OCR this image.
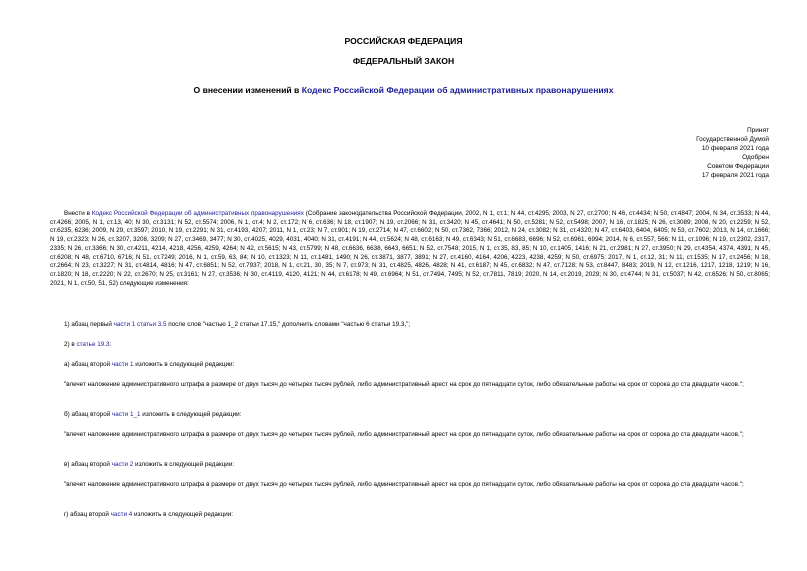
РОССИЙСКАЯ ФЕДЕРАЦИЯ
ФЕДЕРАЛЬНЫЙ ЗАКОН
О внесении изменений в Кодекс Российской Федерации об административных правонарушениях
Принят
Государственной Думой
10 февраля 2021 года
Одобрен
Советом Федерации
17 февраля 2021 года
Внести в Кодекс Российской Федерации об административных правонарушениях (Собрание законодательства Российской Федерации, 2002, N 1, ст.1; N 44, ст.4295; 2003, N 27, ст.2700; N 46, ст.4434; N 50, ст.4847; 2004, N 34, ст.3533; N 44, ст.4266; 2005, N 1, ст.13, 40; N 30, ст.3131; N 52, ст.5574; 2006, N 1, ст.4; N 2, ст.172; N 6, ст.636; N 18, ст.1907; N 19, ст.2066; N 31, ст.3420; N 45, ст.4641; N 50, ст.5281; N 52, ст.5498; 2007, N 16, ст.1825; N 26, ст.3089; 2008, N 20, ст.2259; N 52, ст.6235, 6236; 2009, N 29, ст.3597; 2010, N 19, ст.2291; N 31, ст.4193, 4207; 2011, N 1, ст.23; N 7, ст.901; N 19, ст.2714; N 47, ст.6602; N 50, ст.7362, 7366; 2012, N 24, ст.3082; N 31, ст.4320; N 47, ст.6403, 6404, 6405; N 53, ст.7602; 2013, N 14, ст.1666; N 19, ст.2323; N 26, ст.3207, 3208, 3209; N 27, ст.3469, 3477; N 30, ст.4025, 4029, 4031, 4040; N 31, ст.4191; N 44, ст.5624; N 48, ст.6163; N 49, ст.6343; N 51, ст.6683, 6696; N 52, ст.6961, 6994; 2014, N 6, ст.557, 566; N 11, ст.1096; N 19, ст.2302, 2317, 2335; N 26, ст.3366; N 30, ст.4211, 4214, 4218, 4256, 4259, 4264; N 42, ст.5615; N 43, ст.5799; N 48, ст.6636, 6638, 6643, 6651; N 52, ст.7548; 2015, N 1, ст.35, 83, 85; N 10, ст.1405, 1416; N 21, ст.2981; N 27, ст.3950; N 29, ст.4354, 4374, 4391; N 45, ст.6208; N 48, ст.6710, 6716; N 51, ст.7249; 2016, N 1, ст.59, 63, 84; N 10, ст.1323; N 11, ст.1481, 1490; N 26, ст.3871, 3877, 3891; N 27, ст.4160, 4164, 4206, 4223, 4238, 4259; N 50, ст.6975; 2017, N 1, ст.12, 31; N 11, ст.1535; N 17, ст.2456; N 18, ст.2664; N 23, ст.3227; N 31, ст.4814, 4816; N 47, ст.6851; N 52, ст.7937; 2018, N 1, ст.21, 30, 35; N 7, ст.973; N 31, ст.4825, 4826, 4828; N 41, ст.6187; N 45, ст.6832; N 47, ст.7128; N 53, ст.8447, 8483; 2019, N 12, ст.1216, 1217, 1218, 1219; N 16, ст.1820; N 18, ст.2220; N 22, ст.2670; N 25, ст.3161; N 27, ст.3536; N 30, ст.4119, 4120, 4121; N 44, ст.6178; N 49, ст.6964; N 51, ст.7494, 7495; N 52, ст.7811, 7819; 2020, N 14, ст.2019, 2029; N 30, ст.4744; N 31, ст.5037; N 42, ст.6526; N 50, ст.8065; 2021, N 1, ст.50, 51, 52) следующие изменения:
1) абзац первый части 1 статьи 3.5 после слов "частью 1_2 статьи 17.15," дополнить словами "частью 6 статьи 19.3,";
2) в статье 19.3:
а) абзац второй части 1 изложить в следующей редакции:
"влечет наложение административного штрафа в размере от двух тысяч до четырех тысяч рублей, либо административный арест на срок до пятнадцати суток, либо обязательные работы на срок от сорока до ста двадцати часов.";
б) абзац второй части 1_1 изложить в следующей редакции:
"влечет наложение административного штрафа в размере от двух тысяч до четырех тысяч рублей, либо административный арест на срок до пятнадцати суток, либо обязательные работы на срок от сорока до ста двадцати часов.";
в) абзац второй части 2 изложить в следующей редакции:
"влечет наложение административного штрафа в размере от двух тысяч до четырех тысяч рублей, либо административный арест на срок до пятнадцати суток, либо обязательные работы на срок от сорока до ста двадцати часов.";
г) абзац второй части 4 изложить в следующей редакции:
